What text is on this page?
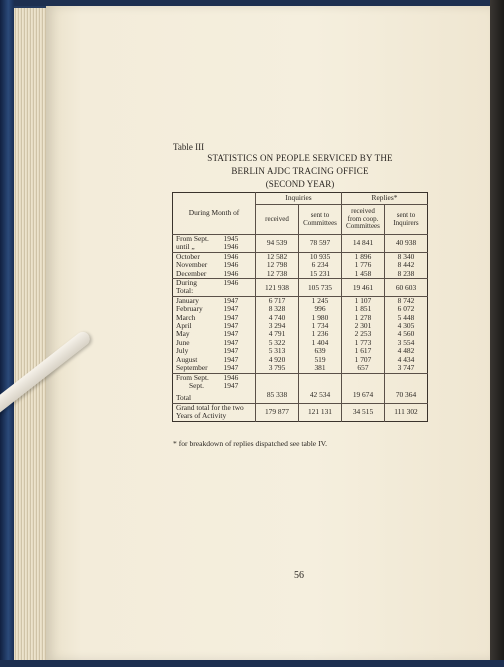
Table III
STATISTICS ON PEOPLE SERVICED BY THE
BERLIN AJDC TRACING OFFICE
(SECOND YEAR)
During Month of		Inquiries		Replies*	
		received	sent to Committees	received from coop. Committees	sent to Inquirers
From Sept.	1945	94 539	78 597	14 841	40 938
until „	1946				
October	1946	12 582	10 935	1 896	8 340
November	1946	12 798	6 234	1 776	8 442
December	1946	12 738	15 231	1 458	8 238
During	1946	121 938	105 735	19 461	60 603
Total:					
January	1947	6 717	1 245	1 107	8 742
February	1947	8 328	996	1 851	6 072
March	1947	4 740	1 980	1 278	5 448
April	1947	3 294	1 734	2 301	4 305
May	1947	4 791	1 236	2 253	4 560
June	1947	5 322	1 404	1 773	3 554
July	1947	5 313	639	1 617	4 482
August	1947	4 920	519	1 707	4 434
September	1947	3 795	381	657	3 747
From Sept.	1946	85 338	42 534	19 674	70 364
Sept.	1947				
Total					
Grand total for the two		179 877	121 131	34 515	111 302
Years of Activity					
* for breakdown of replies dispatched see table IV.
56
